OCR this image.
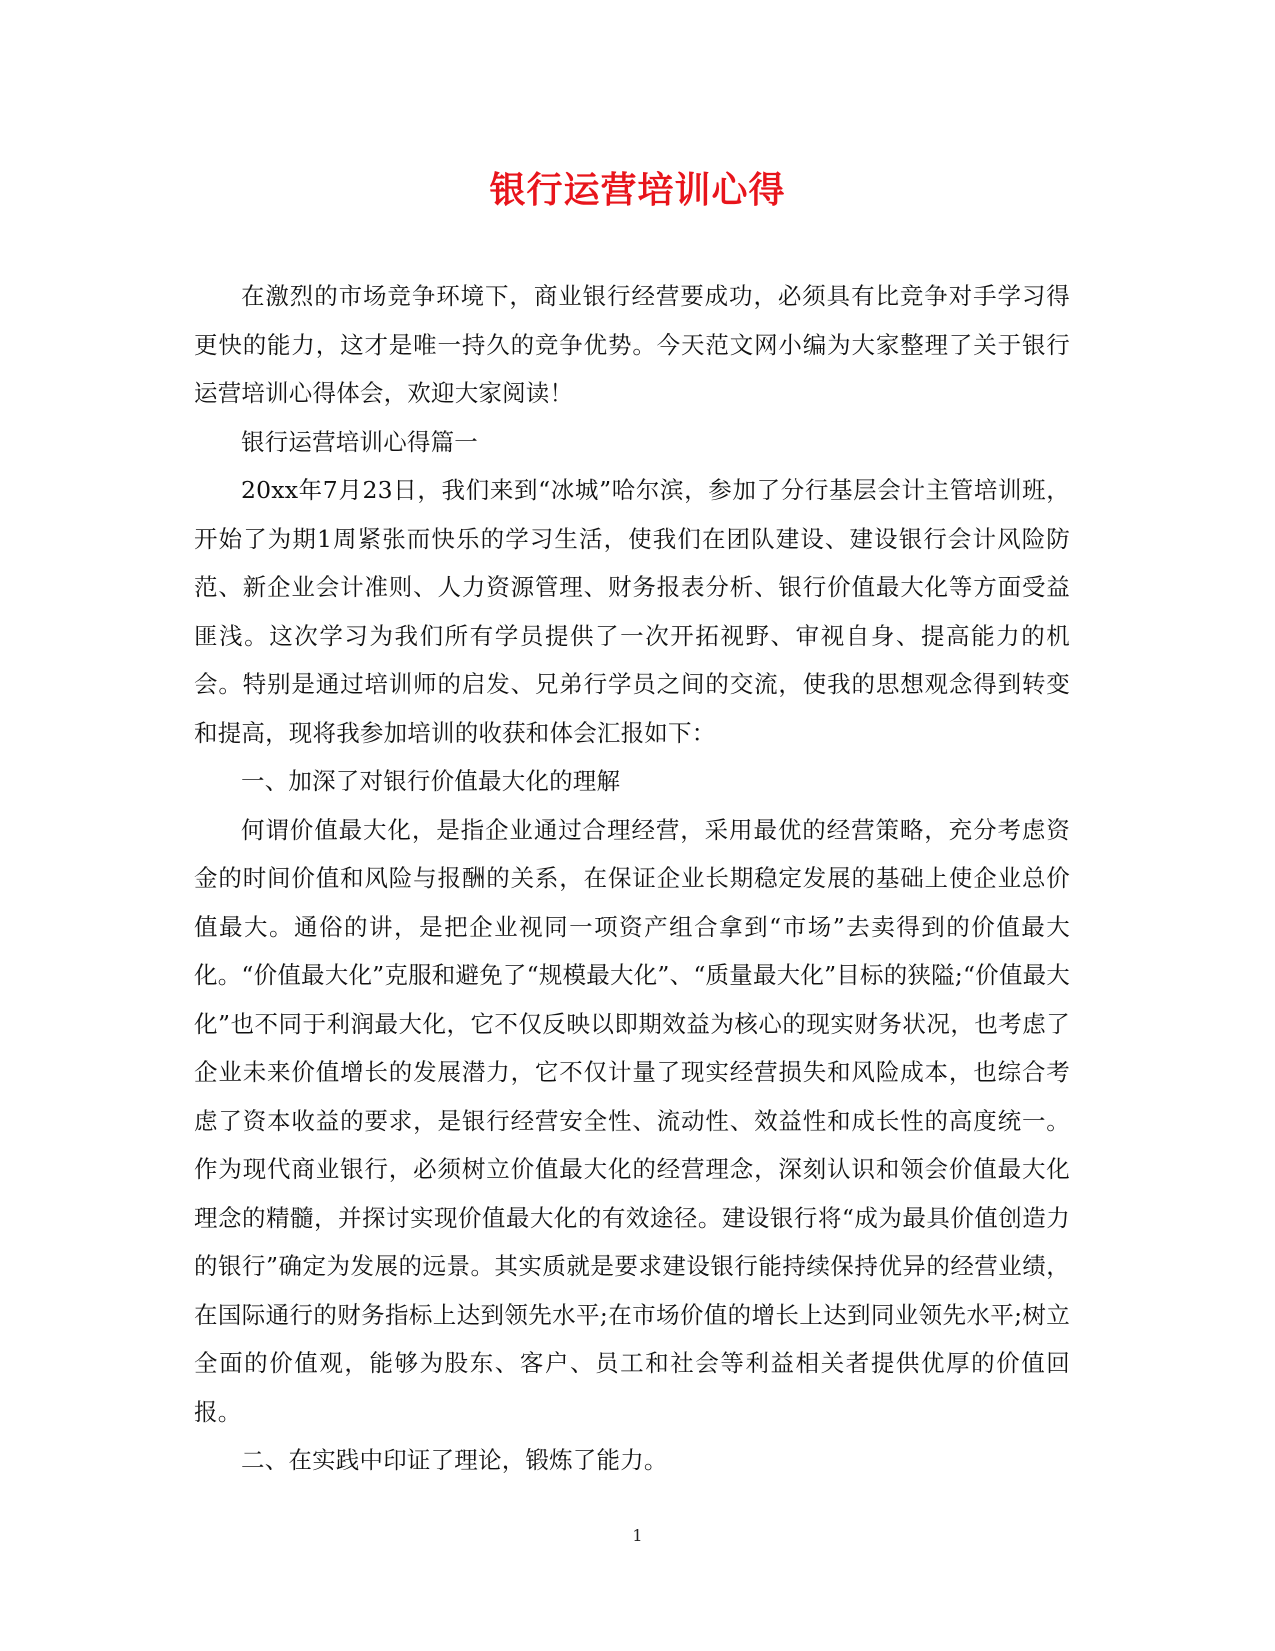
银行运营培训心得

在激烈的市场竞争环境下，商业银行经营要成功，必须具有比竞争对手学习得更快的能力，这才是唯一持久的竞争优势。今天范文网小编为大家整理了关于银行运营培训心得体会，欢迎大家阅读！

银行运营培训心得篇一

20xx年7月23日，我们来到“冰城”哈尔滨，参加了分行基层会计主管培训班，开始了为期1周紧张而快乐的学习生活，使我们在团队建设、建设银行会计风险防范、新企业会计准则、人力资源管理、财务报表分析、银行价值最大化等方面受益匪浅。这次学习为我们所有学员提供了一次开拓视野、审视自身、提高能力的机会。特别是通过培训师的启发、兄弟行学员之间的交流，使我的思想观念得到转变和提高，现将我参加培训的收获和体会汇报如下：

一、加深了对银行价值最大化的理解

何谓价值最大化，是指企业通过合理经营，采用最优的经营策略，充分考虑资金的时间价值和风险与报酬的关系，在保证企业长期稳定发展的基础上使企业总价值最大。通俗的讲，是把企业视同一项资产组合拿到“市场”去卖得到的价值最大化。“价值最大化”克服和避免了“规模最大化”、“质量最大化”目标的狭隘;“价值最大化”也不同于利润最大化，它不仅反映以即期效益为核心的现实财务状况，也考虑了企业未来价值增长的发展潜力，它不仅计量了现实经营损失和风险成本，也综合考虑了资本收益的要求，是银行经营安全性、流动性、效益性和成长性的高度统一。作为现代商业银行，必须树立价值最大化的经营理念，深刻认识和领会价值最大化理念的精髓，并探讨实现价值最大化的有效途径。建设银行将“成为最具价值创造力的银行”确定为发展的远景。其实质就是要求建设银行能持续保持优异的经营业绩，在国际通行的财务指标上达到领先水平;在市场价值的增长上达到同业领先水平;树立全面的价值观，能够为股东、客户、员工和社会等利益相关者提供优厚的价值回报。

二、在实践中印证了理论，锻炼了能力。

1
